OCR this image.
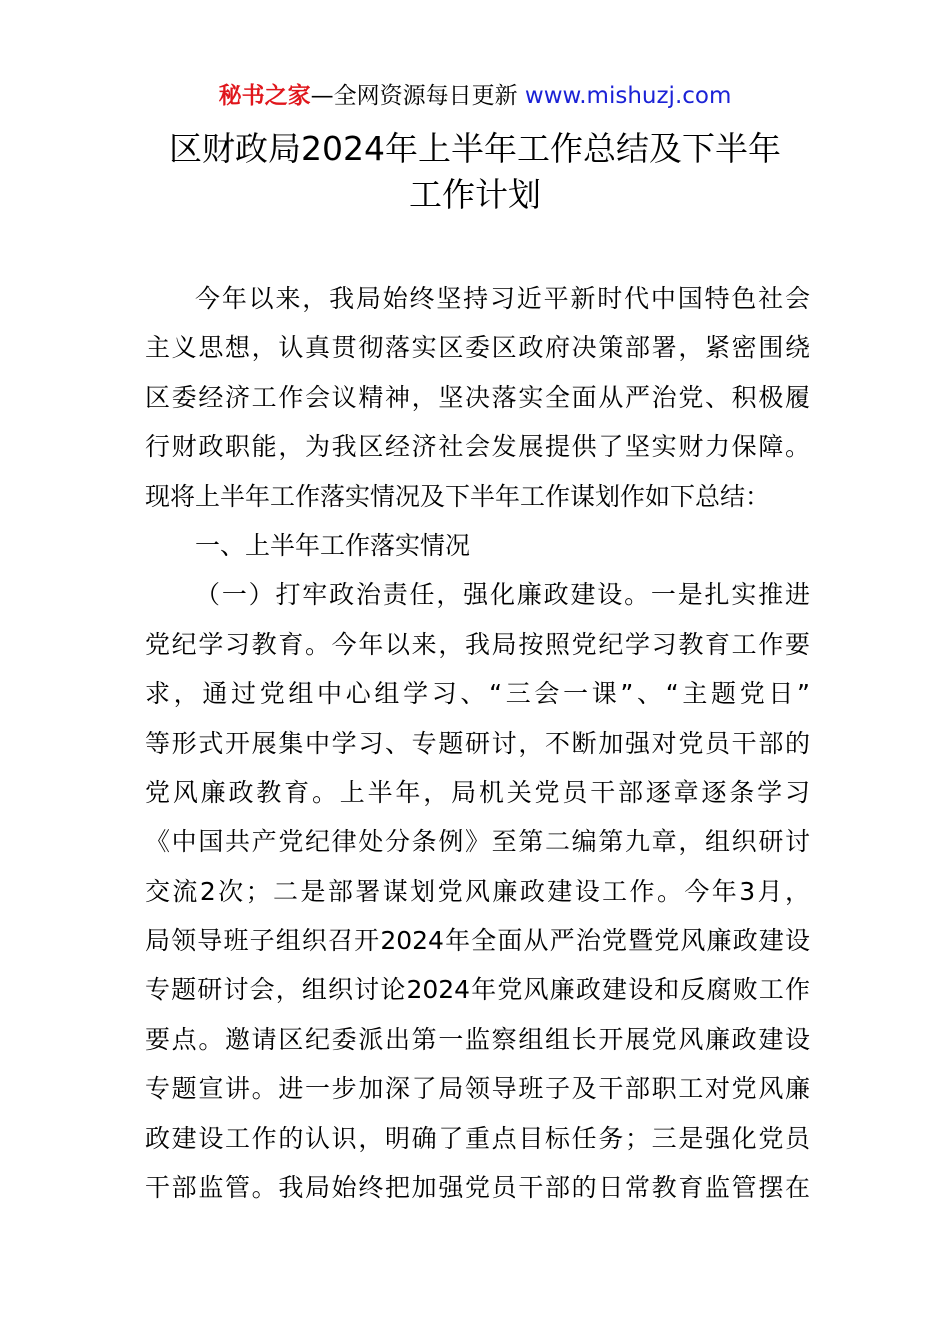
秘书之家—全网资源每日更新 www.mishuzj.com
区财政局2024年上半年工作总结及下半年
工作计划
今年以来，我局始终坚持习近平新时代中国特色社会
主义思想，认真贯彻落实区委区政府决策部署，紧密围绕
区委经济工作会议精神，坚决落实全面从严治党、积极履
行财政职能，为我区经济社会发展提供了坚实财力保障。
现将上半年工作落实情况及下半年工作谋划作如下总结：
一、上半年工作落实情况
（一）打牢政治责任，强化廉政建设。一是扎实推进
党纪学习教育。今年以来，我局按照党纪学习教育工作要
求，通过党组中心组学习、“三会一课”、“主题党日”
等形式开展集中学习、专题研讨，不断加强对党员干部的
党风廉政教育。上半年，局机关党员干部逐章逐条学习
《中国共产党纪律处分条例》至第二编第九章，组织研讨
交流2次；二是部署谋划党风廉政建设工作。今年3月，
局领导班子组织召开2024年全面从严治党暨党风廉政建设
专题研讨会，组织讨论2024年党风廉政建设和反腐败工作
要点。邀请区纪委派出第一监察组组长开展党风廉政建设
专题宣讲。进一步加深了局领导班子及干部职工对党风廉
政建设工作的认识，明确了重点目标任务；三是强化党员
干部监管。我局始终把加强党员干部的日常教育监管摆在
